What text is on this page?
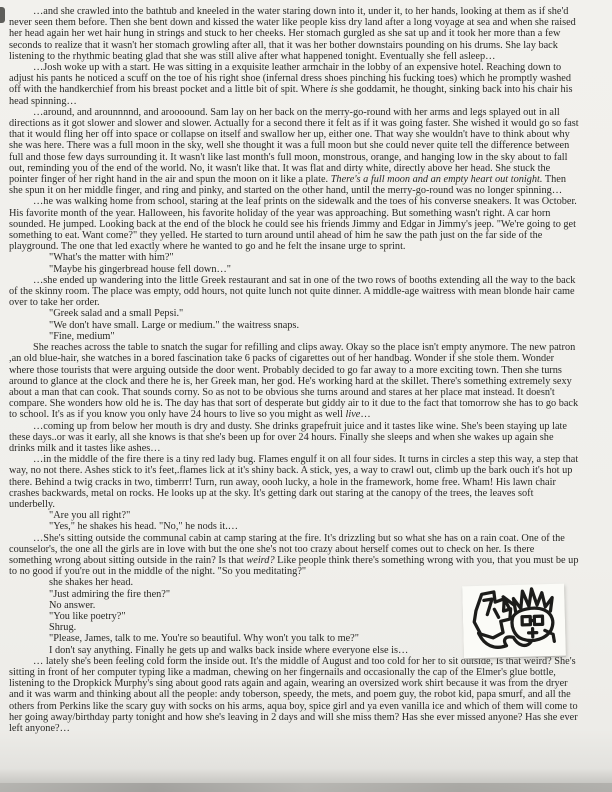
…and she crawled into the bathtub and kneeled in the water staring down into it, under it, to her hands, looking at them as if she'd never seen them before. Then she bent down and kissed the water like people kiss dry land after a long voyage at sea and when she raised her head again her wet hair hung in strings and stuck to her cheeks. Her stomach gurgled as she sat up and it took her more than a few seconds to realize that it wasn't her stomach growling after all, that it was her bother downstairs pounding on his drums. She lay back listening to the rhythmic beating glad that she was still alive after what happened tonight. Eventually she fell asleep…

…Josh woke up with a start. He was sitting in a exquisite leather armchair in the lobby of an expensive hotel. Reaching down to adjust his pants he noticed a scuff on the toe of his right shoe (infernal dress shoes pinching his fucking toes) which he promptly washed off with the handkerchief from his breast pocket and a little bit of spit. Where is she goddamit, he thought, sinking back into his chair his head spinning…

…around, and arounnnnd, and aroooound. Sam lay on her back on the merry-go-round with her arms and legs splayed out in all directions as it got slower and slower and slower. Actually for a second there it felt as if it was going faster. She wished it would go so fast that it would fling her off into space or collapse on itself and swallow her up, either one. That way she wouldn't have to think about why she was here. There was a full moon in the sky, well she thought it was a full moon but she could never quite tell the difference between full and those few days surrounding it. It wasn't like last month's full moon, monstrous, orange, and hanging low in the sky about to fall out, reminding you of the end of the world. No, it wasn't like that. It was flat and dirty white, directly above her head. She stuck the pointer finger of her right hand in the air and spun the moon on it like a plate. There's a full moon and an empty heart out tonight. Then she spun it on her middle finger, and ring and pinky, and started on the other hand, until the merry-go-round was no longer spinning…

…he was walking home from school, staring at the leaf prints on the sidewalk and the toes of his converse sneakers. It was October. His favorite month of the year. Halloween, his favorite holiday of the year was approaching. But something wasn't right. A car horn sounded. He jumped. Looking back at the end of the block he could see his friends Jimmy and Edgar in Jimmy's jeep. "We're going to get something to eat. Want come?" they yelled. He started to turn around until ahead of him he saw the path just on the far side of the playground. The one that led exactly where he wanted to go and he felt the insane urge to sprint.

"What's the matter with him?"

"Maybe his gingerbread house fell down…"

…she ended up wandering into the little Greek restaurant and sat in one of the two rows of booths extending all the way to the back of the skinny room. The place was empty, odd hours, not quite lunch not quite dinner. A middle-age waitress with mean blonde hair came over to take her order.

"Greek salad and a small Pepsi."

"We don't have small. Large or medium." the waitress snaps.

"Fine, medium"

She reaches across the table to snatch the sugar for refilling and clips away. Okay so the place isn't empty anymore. The new patron ,an old blue-hair, she watches in a bored fascination take 6 packs of cigarettes out of her handbag. Wonder if she stole them. Wonder where those tourists that were arguing outside the door went. Probably decided to go far away to a more exciting town. Then she turns around to glance at the clock and there he is, her Greek man, her god. He's working hard at the skillet. There's something extremely sexy about a man that can cook. That sounds corny. So as not to be obvious she turns around and stares at her place mat instead. It doesn't compare. She wonders how old he is. The day has that sort of desperate but giddy air to it due to the fact that tomorrow she has to go back to school. It's as if you know you only have 24 hours to live so you might as well live…

…coming up from below her mouth is dry and dusty. She drinks grapefruit juice and it tastes like wine. She's been staying up late these days..or was it early, all she knows is that she's been up for over 24 hours. Finally she sleeps and when she wakes up again she drinks milk and it tastes like ashes…

…in the middle of the fire there is a tiny red lady bug. Flames engulf it on all four sides. It turns in circles a step this way, a step that way, no not there. Ashes stick to it's feet,.flames lick at it's shiny back. A stick, yes, a way to crawl out, climb up the bark ouch it's hot up there. Behind a twig cracks in two, timberrr! Turn, run away, oooh lucky, a hole in the framework, home free. Wham! His lawn chair crashes backwards, metal on rocks. He looks up at the sky. It's getting dark out staring at the canopy of the trees, the leaves soft underbelly.

"Are you all right?"

"Yes," he shakes his head. "No," he nods it.…

…She's sitting outside the communal cabin at camp staring at the fire. It's drizzling but so what she has on a rain coat. One of the counselor's, the one all the girls are in love with but the one she's not too crazy about herself comes out to check on her. Is there something wrong about sitting outside in the rain? Is that weird? Like people think there's something wrong with you, that you must be up to no good if you're out in the middle of the night. "So you meditating?"

she shakes her head.

"Just admiring the fire then?"

No answer.

"You like poetry?"

Shrug.

"Please, James, talk to me. You're so beautiful. Why won't you talk to me?"

I don't say anything. Finally he gets up and walks back inside where everyone else is…

… lately she's been feeling cold form the inside out. It's the middle of August and too cold for her to sit outside, Is that weird? She's sitting in front of her computer typing like a madman, chewing on her fingernails and occasionally the cap of the Elmer's glue bottle, listening to the Dropkick Murphy's sing about good rats again and again, wearing an oversized work shirt because it was from the dryer and it was warm and thinking about all the people: andy toberson, speedy, the mets, and poem guy, the robot kid, papa smurf, and all the others from Perkins like the scary guy with socks on his arms, aqua boy, spice girl and ya even vanilla ice and which of them will come to her going away/birthday party tonight and how she's leaving in 2 days and will she miss them? Has she ever missed anyone? Has she ever left anyone?…
